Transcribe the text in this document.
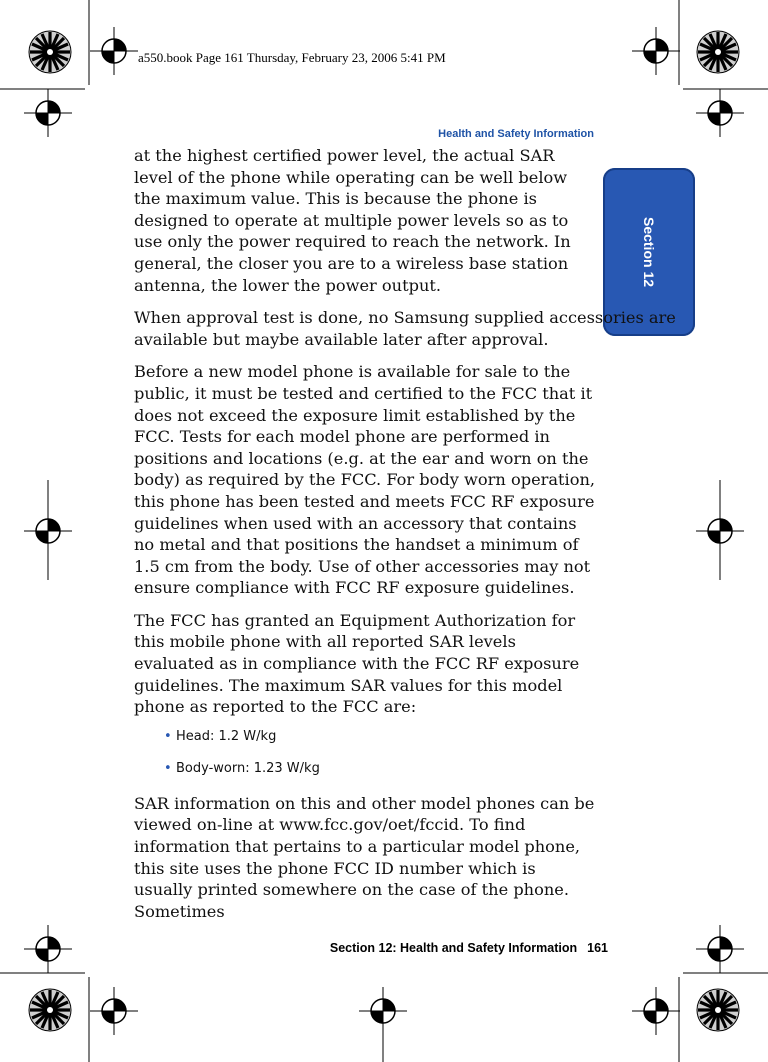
a550.book Page 161 Thursday, February 23, 2006 5:41 PM
Health and Safety Information
Section 12

at the highest certified power level, the actual SAR level of the phone while operating can be well below the maximum value. This is because the phone is designed to operate at multiple power levels so as to use only the power required to reach the network. In general, the closer you are to a wireless base station antenna, the lower the power output.

When approval test is done, no Samsung supplied accessories are available but maybe available later after approval.

Before a new model phone is available for sale to the public, it must be tested and certified to the FCC that it does not exceed the exposure limit established by the FCC. Tests for each model phone are performed in positions and locations (e.g. at the ear and worn on the body) as required by the FCC. For body worn operation, this phone has been tested and meets FCC RF exposure guidelines when used with an accessory that contains no metal and that positions the handset a minimum of 1.5 cm from the body. Use of other accessories may not ensure compliance with FCC RF exposure guidelines.

The FCC has granted an Equipment Authorization for this mobile phone with all reported SAR levels evaluated as in compliance with the FCC RF exposure guidelines. The maximum SAR values for this model phone as reported to the FCC are:

• Head: 1.2 W/kg
• Body-worn: 1.23 W/kg

SAR information on this and other model phones can be viewed on-line at www.fcc.gov/oet/fccid. To find information that pertains to a particular model phone, this site uses the phone FCC ID number which is usually printed somewhere on the case of the phone. Sometimes

Section 12: Health and Safety Information 161
